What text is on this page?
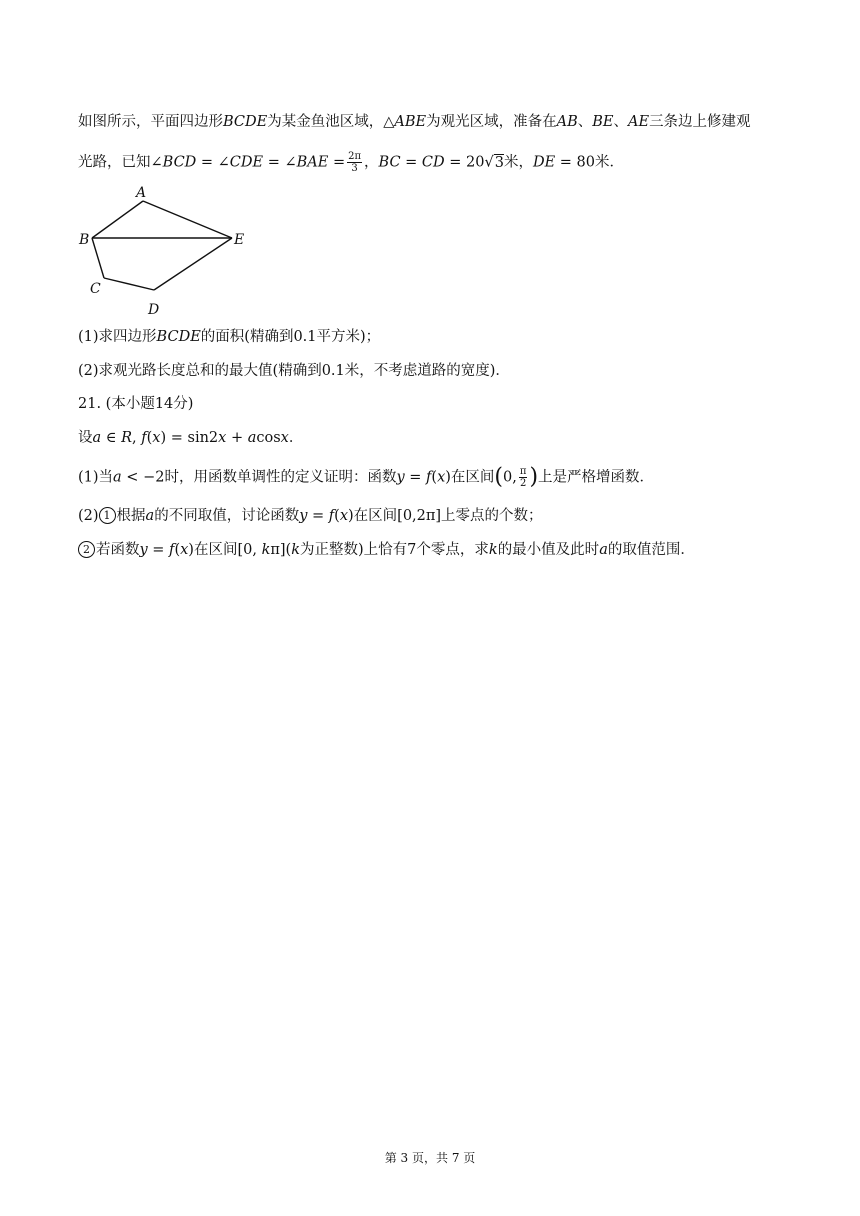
如图所示，平面四边形BCDE为某金鱼池区域，△ABE为观光区域，准备在AB、BE、AE三条边上修建观
光路，已知∠BCD = ∠CDE = ∠BAE = $\frac{2\pi}{3}$ ，BC = CD = 20√3米，DE = 80米．
A
B
C
D
E
(1)求四边形BCDE的面积(精确到0.1平方米)；
(2)求观光路长度总和的最大值(精确到0.1米，不考虑道路的宽度)．
21. (本小题14分)
设a ∈ R, f(x) = sin2x + acosx．
(1)当a < −2时，用函数单调性的定义证明：函数y = f(x)在区间(0, $\frac{\pi}{2}$ )上是严格增函数．
(2) 1 根据a的不同取值，讨论函数y = f(x)在区间[0,2π]上零点的个数；
2 若函数y = f(x)在区间[0, kπ](k为正整数)上恰有7个零点，求k的最小值及此时a的取值范围．
第 3 页，共 7 页
